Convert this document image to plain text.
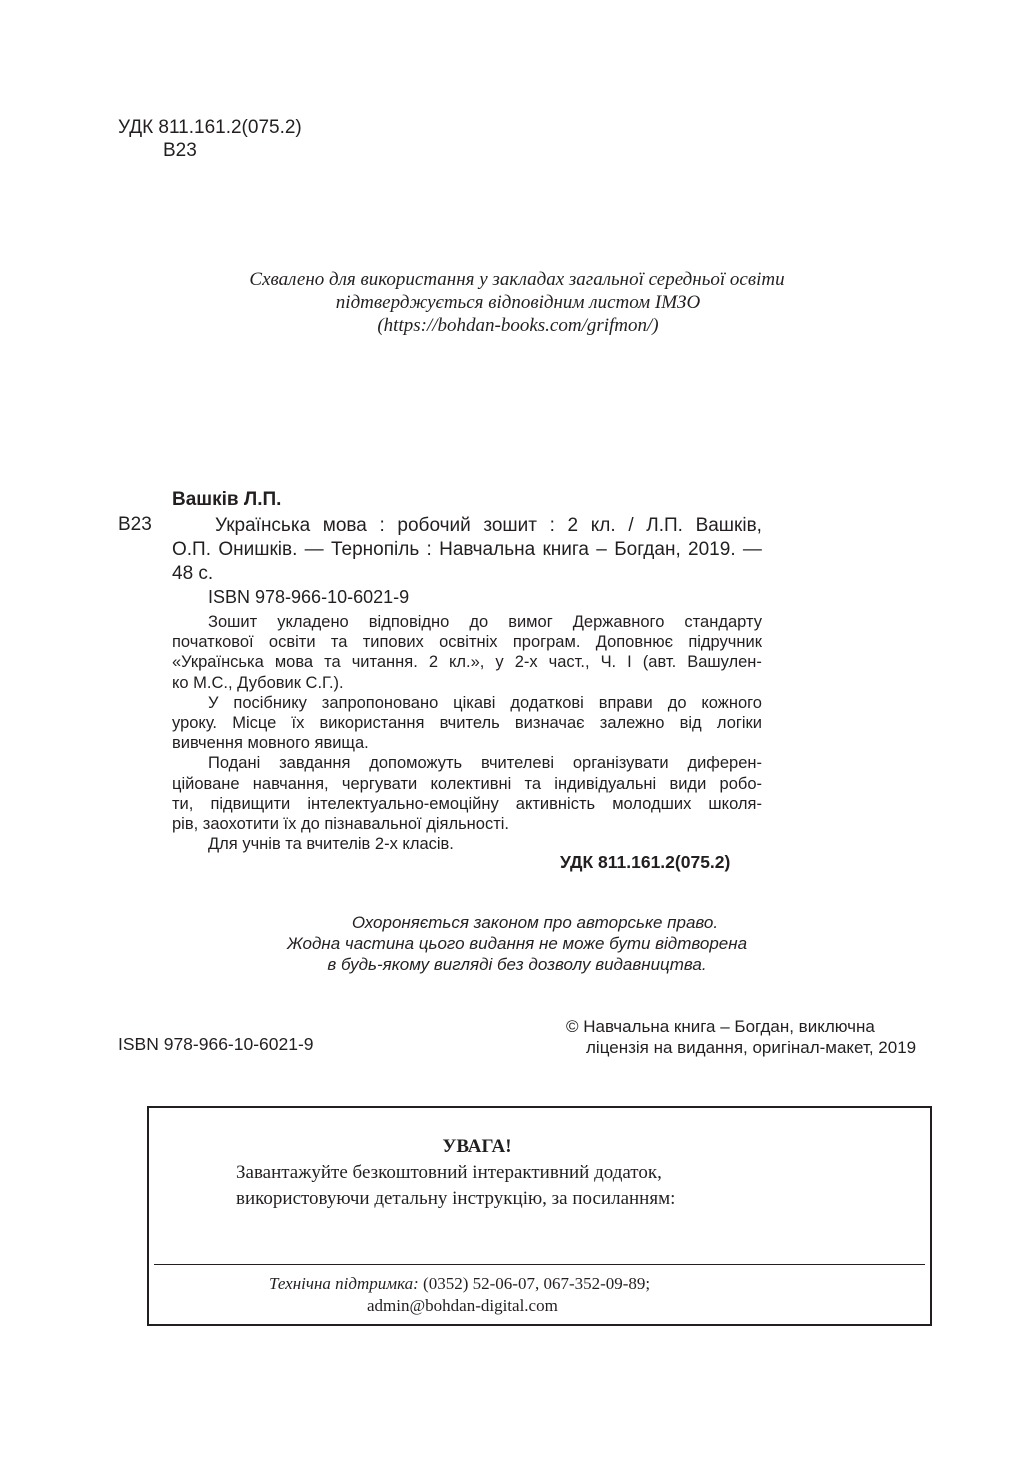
УДК 811.161.2(075.2)
В23
Схвалено для використання у закладах загальної середньої освіти
підтверджується відповідним листом ІМЗО
(https://bohdan-books.com/grifmon/)
Вашків Л.П.
В23	Українська мова : робочий зошит : 2 кл. / Л.П. Вашків,
О.П. Онишків. — Тернопіль : Навчальна книга – Богдан, 2019. —
48 с.
ISBN 978-966-10-6021-9
Зошит укладено відповідно до вимог Державного стандарту
початкової освіти та типових освітніх програм. Доповнює підручник
«Українська мова та читання. 2 кл.», у 2-х част., Ч. І (авт. Вашулен-
ко М.С., Дубовик С.Г.).
У посібнику запропоновано цікаві додаткові вправи до кожного
уроку. Місце їх використання вчитель визначає залежно від логіки
вивчення мовного явища.
Подані завдання допоможуть вчителеві організувати диферен-
ційоване навчання, чергувати колективні та індивідуальні види робо-
ти, підвищити інтелектуально-емоційну активність молодших школя-
рів, заохотити їх до пізнавальної діяльності.
Для учнів та вчителів 2-х класів.
УДК 811.161.2(075.2)
Охороняється законом про авторське право.
Жодна частина цього видання не може бути відтворена
в будь-якому вигляді без дозволу видавництва.
ISBN 978-966-10-6021-9
© Навчальна книга – Богдан, виключна
ліцензія на видання, оригінал-макет, 2019
УВАГА!
Завантажуйте безкоштовний інтерактивний додаток,
використовуючи детальну інструкцію, за посиланням:
Технічна підтримка: (0352) 52-06-07, 067-352-09-89;
admin@bohdan-digital.com
